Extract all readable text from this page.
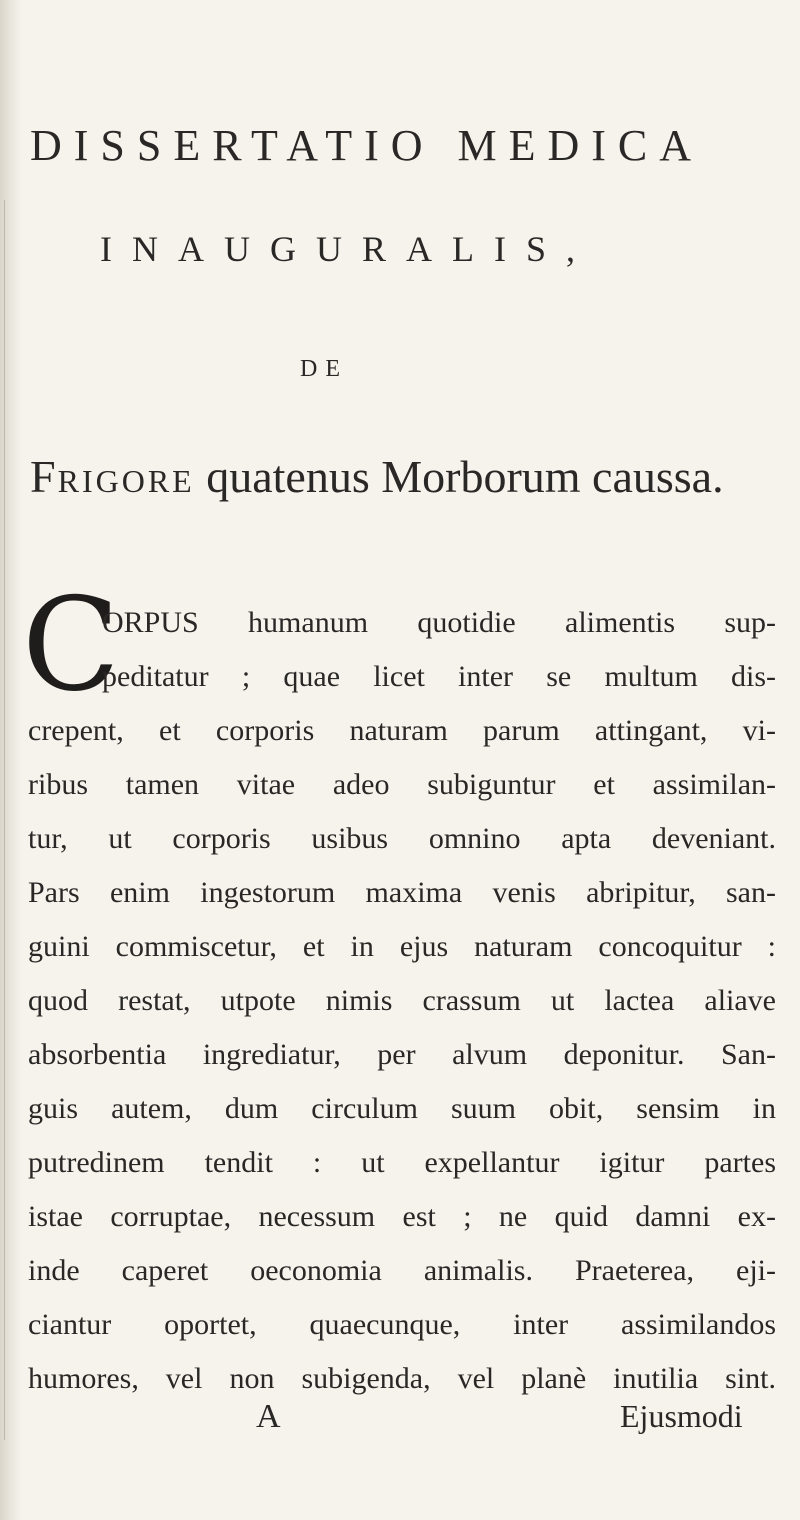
DISSERTATIO MEDICA
INAUGURALIS,
DE
FRIGORE quatenus Morborum caussa.
C
ORPUS humanum quotidie alimentis sup-
peditatur ; quae licet inter se multum dis-
crepent, et corporis naturam parum attingant, vi-
ribus tamen vitae adeo subiguntur et assimilan-
tur, ut corporis usibus omnino apta deveniant.
Pars enim ingestorum maxima venis abripitur, san-
guini commiscetur, et in ejus naturam concoquitur :
quod restat, utpote nimis crassum ut lactea aliave
absorbentia ingrediatur, per alvum deponitur. San-
guis autem, dum circulum suum obit, sensim in
putredinem tendit : ut expellantur igitur partes
istae corruptae, necessum est ; ne quid damni ex-
inde caperet oeconomia animalis. Praeterea, eji-
ciantur oportet, quaecunque, inter assimilandos
humores, vel non subigenda, vel planè inutilia sint.
A	Ejusmodi
